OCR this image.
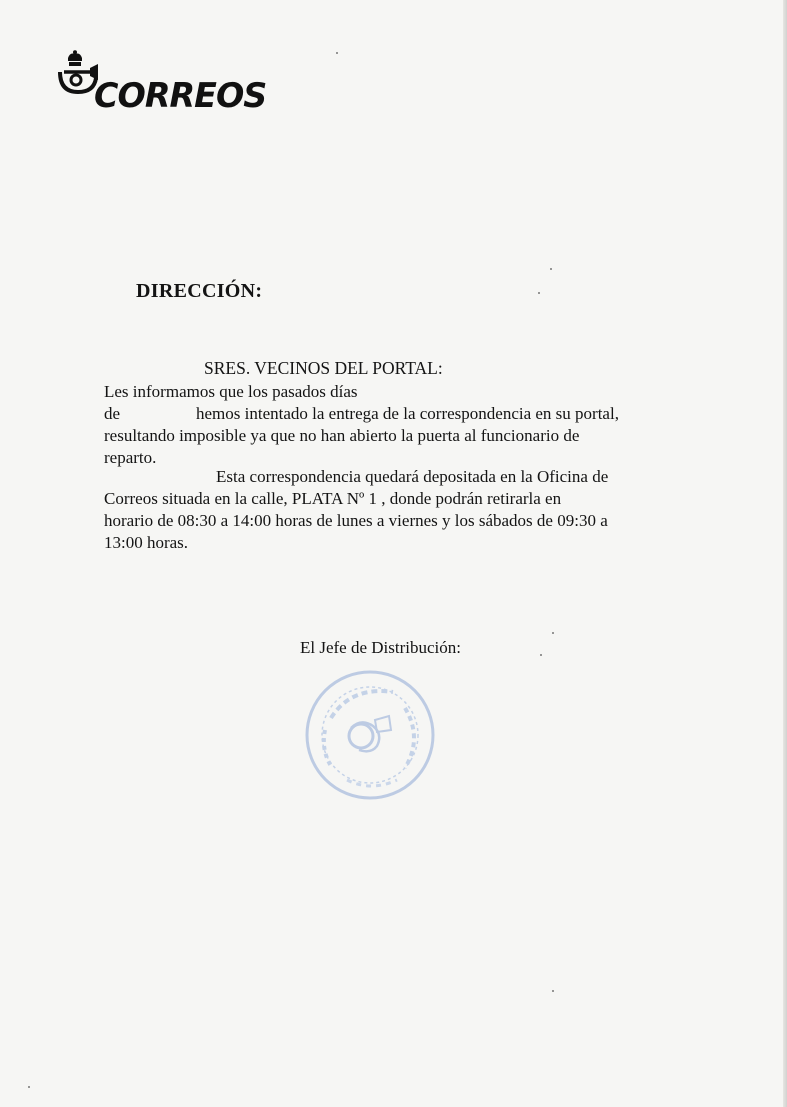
CORREOS
DIRECCIÓN:
SRES. VECINOS DEL PORTAL:
Les informamos que los pasados días
de	hemos intentado la entrega de la correspondencia en su portal,
resultando imposible ya que no han abierto la puerta al funcionario de
reparto.
Esta correspondencia quedará depositada en la Oficina de
Correos situada en la calle, PLATA Nº 1 , donde podrán retirarla en
horario de 08:30 a 14:00 horas de lunes a viernes y los sábados de 09:30 a
13:00 horas.
El Jefe de Distribución:
